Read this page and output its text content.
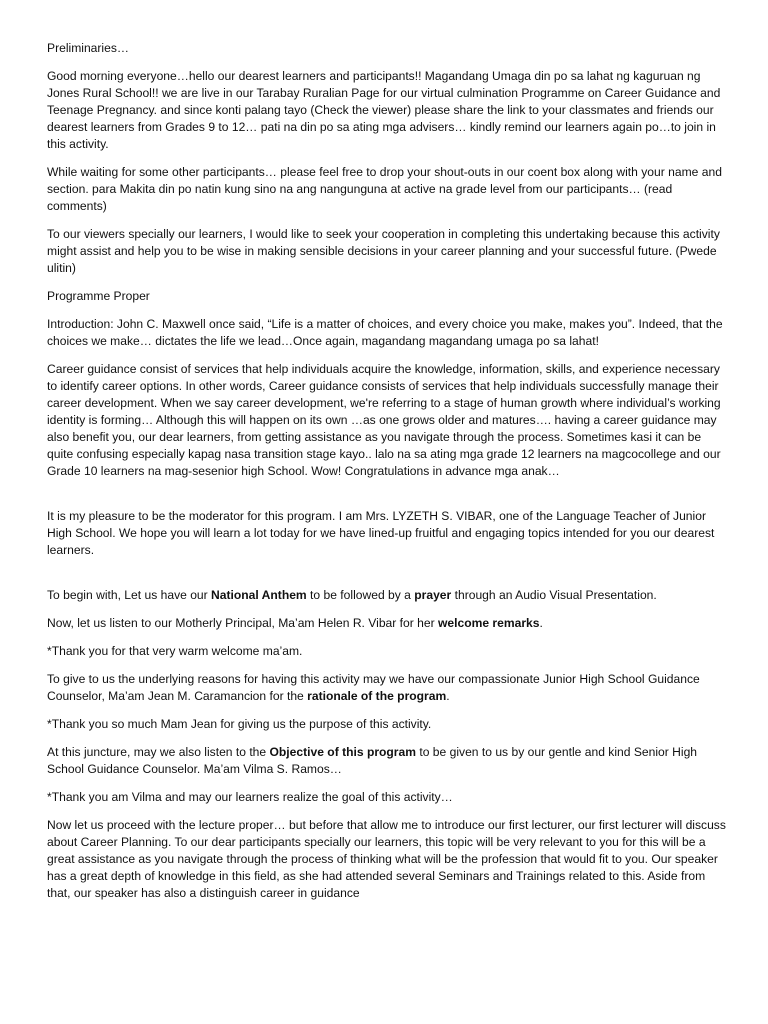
Preliminaries…

Good morning everyone…hello our dearest learners and participants!! Magandang Umaga din po sa lahat ng kaguruan ng Jones Rural School!! we are live in our Tarabay Ruralian Page for our virtual culmination Programme on Career Guidance and Teenage Pregnancy. and since konti palang tayo (Check the viewer) please share the link to your classmates and friends our dearest learners from Grades 9 to 12… pati na din po sa ating mga advisers… kindly remind our learners again po…to join in this activity.

While waiting for some other participants… please feel free to drop your shout-outs in our coent box along with your name and section. para Makita din po natin kung sino na ang nangunguna at active na grade level from our participants… (read comments)

To our viewers specially our learners, I would like to seek your cooperation in completing this undertaking because this activity might assist and help you to be wise in making sensible decisions in your career planning and your successful future. (Pwede ulitin)

Programme Proper

Introduction: John C. Maxwell once said, “Life is a matter of choices, and every choice you make, makes you”. Indeed, that the choices we make… dictates the life we lead…Once again, magandang magandang umaga po sa lahat!

Career guidance consist of services that help individuals acquire the knowledge, information, skills, and experience necessary to identify career options. In other words, Career guidance consists of services that help individuals successfully manage their career development. When we say career development, we're referring to a stage of human growth where individual’s working identity is forming… Although this will happen on its own …as one grows older and matures…. having a career guidance may also benefit you, our dear learners, from getting assistance as you navigate through the process. Sometimes kasi it can be quite confusing especially kapag nasa transition stage kayo.. lalo na sa ating mga grade 12 learners na magcocollege and our Grade 10 learners na mag-sesenior high School. Wow! Congratulations in advance mga anak…

It is my pleasure to be the moderator for this program. I am Mrs. LYZETH S. VIBAR, one of the Language Teacher of Junior High School. We hope you will learn a lot today for we have lined-up fruitful and engaging topics intended for you our dearest learners.

To begin with, Let us have our National Anthem to be followed by a prayer through an Audio Visual Presentation.

Now, let us listen to our Motherly Principal, Ma’am Helen R. Vibar for her welcome remarks.

*Thank you for that very warm welcome ma’am.

To give to us the underlying reasons for having this activity may we have our compassionate Junior High School Guidance Counselor, Ma’am Jean M. Caramancion for the rationale of the program.

*Thank you so much Mam Jean for giving us the purpose of this activity.

At this juncture, may we also listen to the Objective of this program to be given to us by our gentle and kind Senior High School Guidance Counselor. Ma’am Vilma S. Ramos…

*Thank you am Vilma and may our learners realize the goal of this activity…

Now let us proceed with the lecture proper… but before that allow me to introduce our first lecturer, our first lecturer will discuss about Career Planning. To our dear participants specially our learners, this topic will be very relevant to you for this will be a great assistance as you navigate through the process of thinking what will be the profession that would fit to you. Our speaker has a great depth of knowledge in this field, as she had attended several Seminars and Trainings related to this. Aside from that, our speaker has also a distinguish career in guidance
